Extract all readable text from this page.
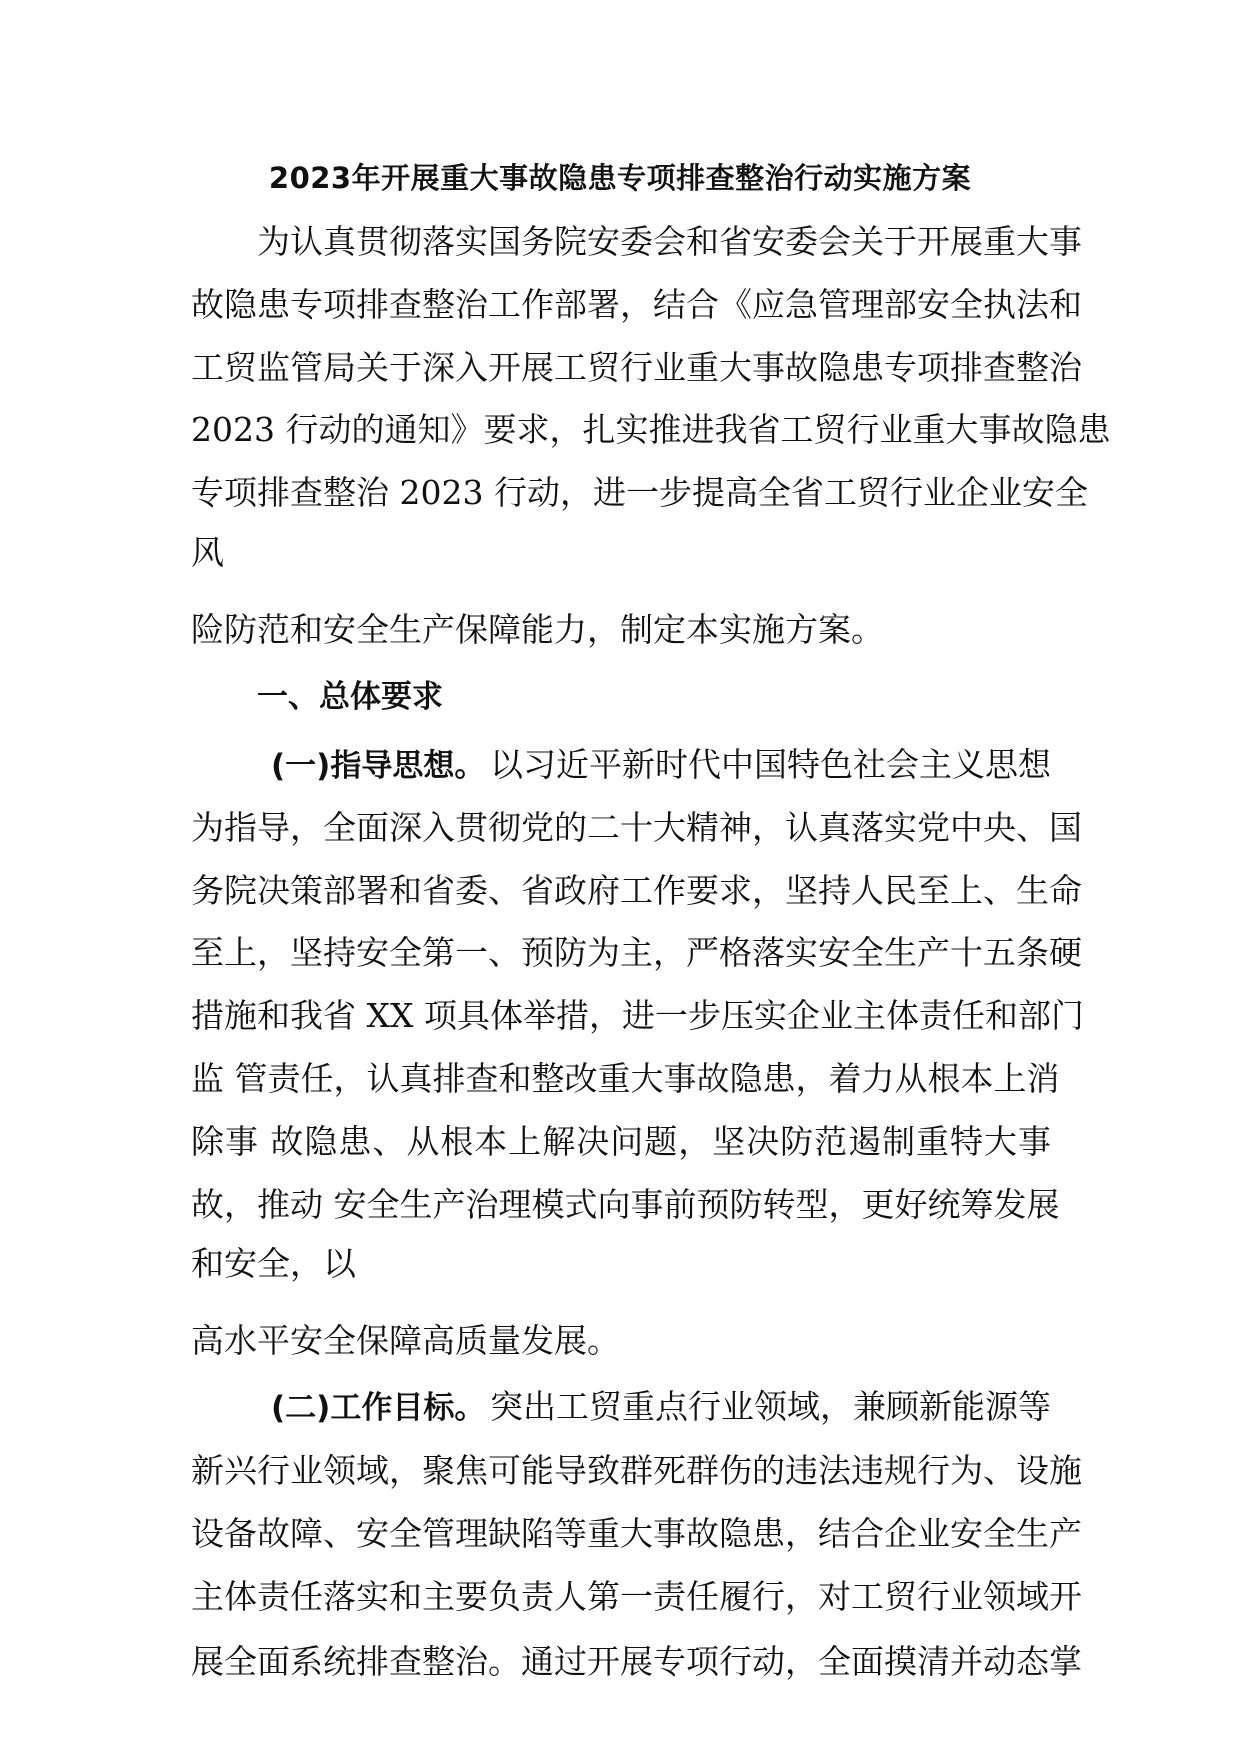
2023年开展重大事故隐患专项排查整治行动实施方案
为认真贯彻落实国务院安委会和省安委会关于开展重大事
故隐患专项排查整治工作部署，结合《应急管理部安全执法和
工贸监管局关于深入开展工贸行业重大事故隐患专项排查整治
2023 行动的通知》要求，扎实推进我省工贸行业重大事故隐患
专项排查整治 2023 行动，进一步提高全省工贸行业企业安全
风
险防范和安全生产保障能力，制定本实施方案。
一、总体要求
(一)指导思想。 以习近平新时代中国特色社会主义思想
为指导，全面深入贯彻党的二十大精神，认真落实党中央、国
务院决策部署和省委、省政府工作要求，坚持人民至上、生命
至上，坚持安全第一、预防为主，严格落实安全生产十五条硬
措施和我省 XX 项具体举措，进一步压实企业主体责任和部门
监 管责任，认真排查和整改重大事故隐患，着力从根本上消
除事 故隐患、从根本上解决问题，坚决防范遏制重特大事
故，推动 安全生产治理模式向事前预防转型，更好统筹发展
和安全，以
高水平安全保障高质量发展。
(二)工作目标。 突出工贸重点行业领域，兼顾新能源等
新兴行业领域，聚焦可能导致群死群伤的违法违规行为、设施
设备故障、安全管理缺陷等重大事故隐患，结合企业安全生产
主体责任落实和主要负责人第一责任履行，对工贸行业领域开
展全面系统排查整治。通过开展专项行动，全面摸清并动态掌
